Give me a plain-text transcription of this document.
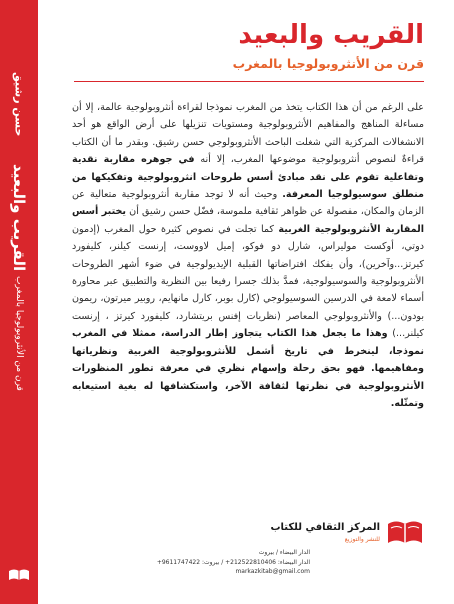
حسن رشيق
القريب والبعيد
قرن من الأنثروبولوجيا بالمغرب
القريب والبعيد
قرن من الأنثروبولوجيا بالمغرب
على الرغم من أن هذا الكتاب يتخذ من المغرب نموذجا لقراءة أنثروبولوجية عالمة، إلا أن مساءلة المناهج والمفاهيم الأنثروبولوجية ومستويات تنزيلها على أرض الواقع هو أحد الانشغالات المركزية التي شغلت الباحث الأنثروبولوجي حسن رشيق. وبقدر ما أن الكتاب قراءةٌ لنصوص أنثروبولوجية موضوعها المغرب، إلا أنه في جوهره مقاربة نقدية وتفاعلية تقوم على نقد مبادئ أسس طروحات انثروبولوجية وتفكيكها من منطلق سوسيولوجيا المعرفة. وحيث أنه لا توجد مقاربة أنثروبولوجية متعالية عن الزمان والمكان، مفصولة عن ظواهر ثقافية ملموسة، فضّل حسن رشيق أن يختبر أسس المقاربة الأنثروبولوجية الغربية كما تجلت في نصوص كثيرة حول المغرب (إدمون دوتي، أوكست موليراس، شارل دو فوكو، إميل لاووست، إرنست كيلنر، كليفورد كيرتز...وآخرين)، وأن يفكك افتراضاتها القبلية الإيديولوجية في ضوء أشهر الطروحات الأنثروبولوجية والسوسيولوجية، فمدَّ بذلك جسرا رفيعا بين النظرية والتطبيق عبر محاورة أسماء لامعة في الدرسين السوسيولوجي (كارل بوبر، كارل مانهايم، روبير ميرتون، ريمون بودون...) والأنثروبولوجي المعاصر (نظريات إفنس بريتشارد، كليفورد كيرتز ، إرنست كيلنر...) وهذا ما يجعل هذا الكتاب يتجاوز إطار الدراسة، ممثلا في المغرب نموذجا، لينخرط في تاريخ أشمل للأنثروبولوجية الغربية ونظرياتها ومفاهيمها. فهو بحق رحلة وإسهام نظري في معرفة تطور المنظورات الأنثروبولوجية في نظرتها لثقافة الآخر، واستكشافها له بغية استيعابه وتمثّله.
المركز الثقافي للكتاب
للنشر والتوزيع
الدار البيضاء / بيروت
الدار البيضاء: 212522810406+ / بيروت: 9611747422+
markazkitab@gmail.com
